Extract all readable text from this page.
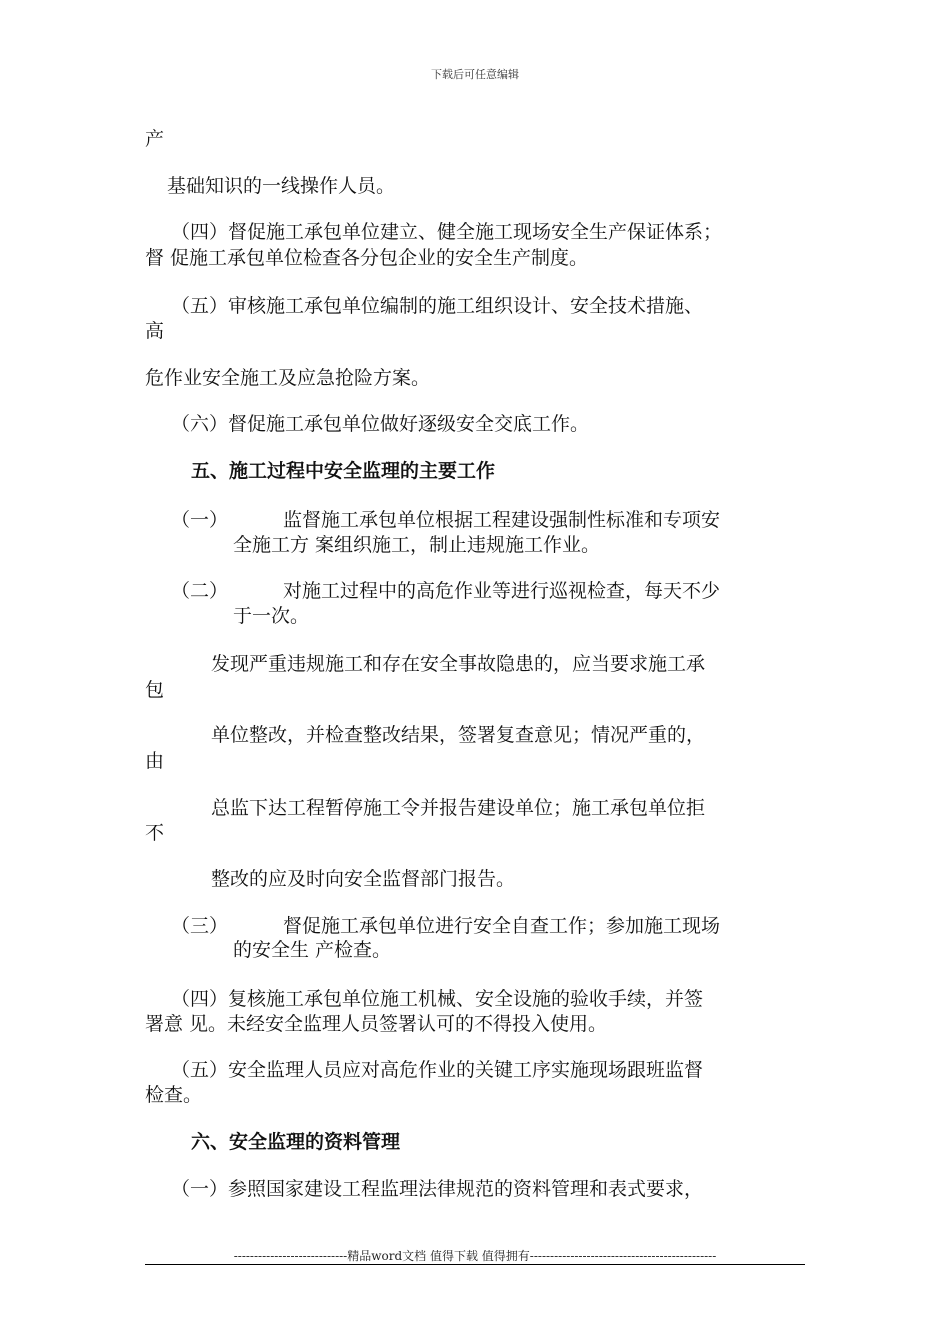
下载后可任意编辑
产
基础知识的一线操作人员。
（四）督促施工承包单位建立、健全施工现场安全生产保证体系；
督 促施工承包单位检查各分包企业的安全生产制度。
（五）审核施工承包单位编制的施工组织设计、安全技术措施、
高
危作业安全施工及应急抢险方案。
（六）督促施工承包单位做好逐级安全交底工作。
五、施工过程中安全监理的主要工作
（一）	监督施工承包单位根据工程建设强制性标准和专项安
全施工方 案组织施工，制止违规施工作业。
（二）	对施工过程中的高危作业等进行巡视检查，每天不少
于一次。
发现严重违规施工和存在安全事故隐患的，应当要求施工承
包
单位整改，并检查整改结果，签署复查意见；情况严重的，
由
总监下达工程暂停施工令并报告建设单位；施工承包单位拒
不
整改的应及时向安全监督部门报告。
（三）	督促施工承包单位进行安全自查工作；参加施工现场
的安全生 产检查。
（四）复核施工承包单位施工机械、安全设施的验收手续，并签
署意 见。未经安全监理人员签署认可的不得投入使用。
（五）安全监理人员应对高危作业的关键工序实施现场跟班监督
检查。
六、安全监理的资料管理
（一）参照国家建设工程监理法律规范的资料管理和表式要求，
----------------------------精品word文档 值得下载 值得拥有----------------------------------------------
